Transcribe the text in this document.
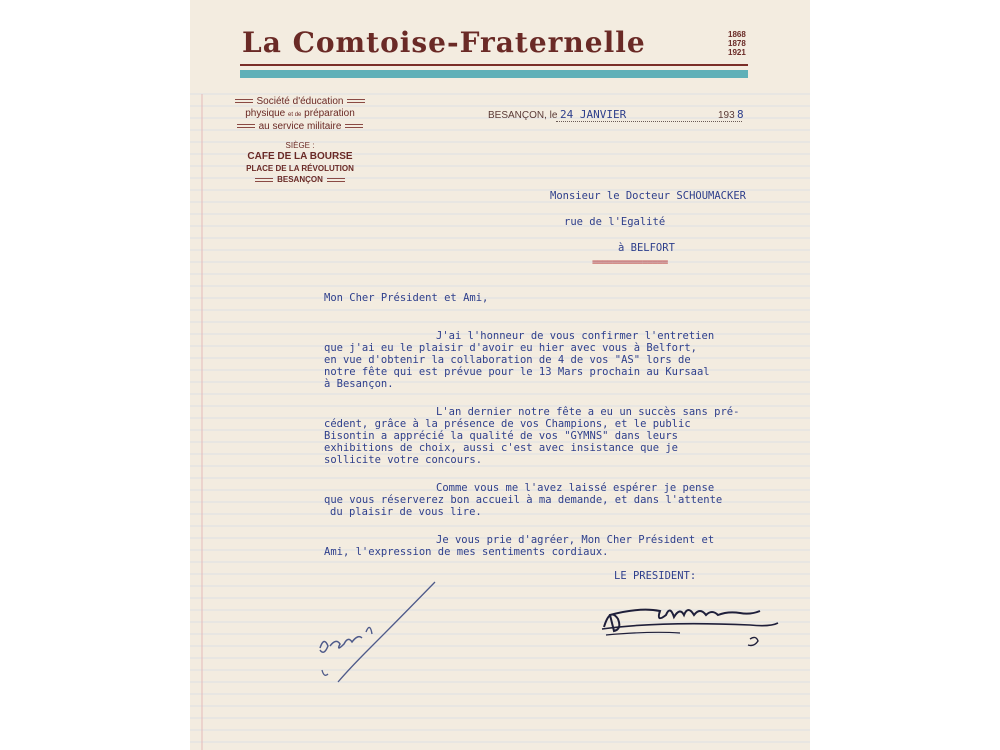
La Comtoise-Fraternelle	1868
1878
1921
Société d'éducation
physique et de préparation
au service militaire
SIÈGE :
CAFE DE LA BOURSE
PLACE DE LA RÉVOLUTION
BESANÇON
BESANÇON, le 24 JANVIER	193 8
Monsieur le Docteur SCHOUMACKER
rue de l'Egalité
à BELFORT
===============
Mon Cher Président et Ami,
J'ai l'honneur de vous confirmer l'entretien
que j'ai eu le plaisir d'avoir eu hier avec vous à Belfort,
en vue d'obtenir la collaboration de 4 de vos "AS" lors de
notre fête qui est prévue pour le 13 Mars prochain au Kursaal
à Besançon.
L'an dernier notre fête a eu un succès sans pré-
cédent, grâce à la présence de vos Champions, et le public
Bisontin a apprécié la qualité de vos "GYMNS" dans leurs
exhibitions de choix, aussi c'est avec insistance que je
sollicite votre concours.
Comme vous me l'avez laissé espérer je pense
que vous réserverez bon accueil à ma demande, et dans l'attente
du plaisir de vous lire.
Je vous prie d'agréer, Mon Cher Président et
Ami, l'expression de mes sentiments cordiaux.
LE PRESIDENT:
